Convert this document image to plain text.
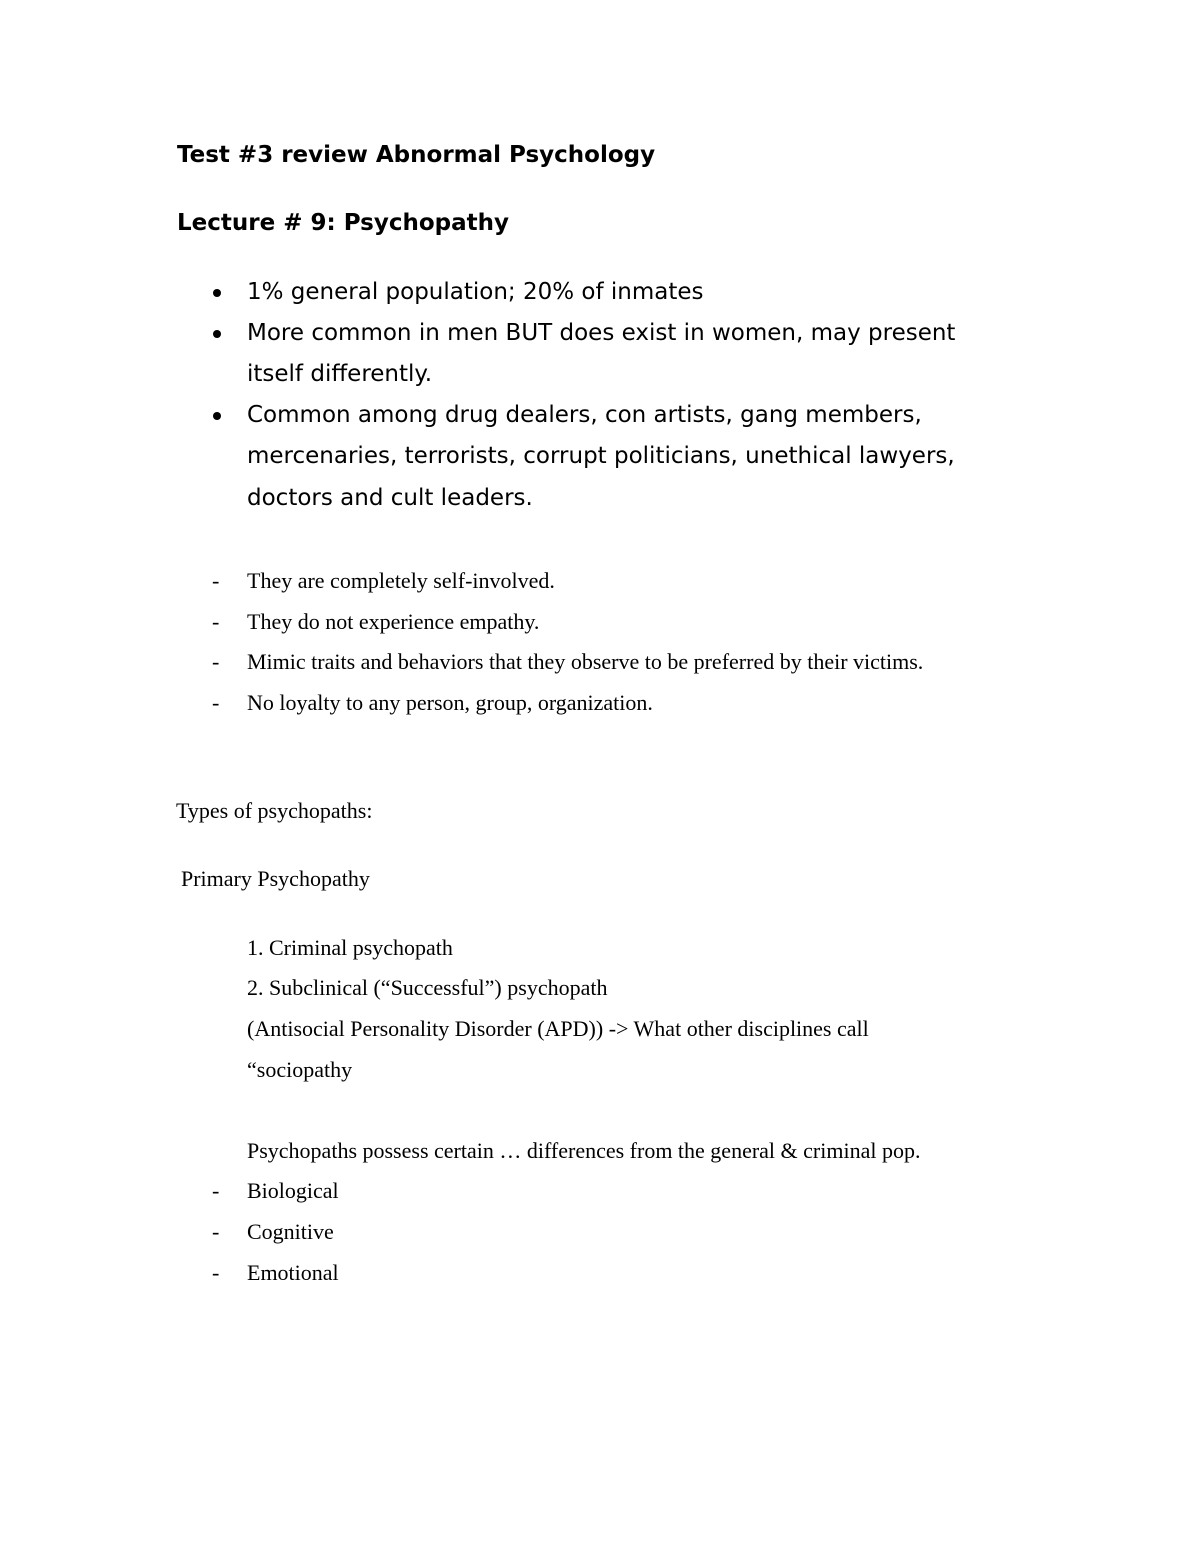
Test #3 review Abnormal Psychology
Lecture # 9: Psychopathy
1% general population; 20% of inmates
More common in men BUT does exist in women, may present
itself differently.
Common among drug dealers, con artists, gang members,
mercenaries, terrorists, corrupt politicians, unethical lawyers,
doctors and cult leaders.
- They are completely self-involved.
- They do not experience empathy.
- Mimic traits and behaviors that they observe to be preferred by their victims.
- No loyalty to any person, group, organization.
Types of psychopaths:
Primary Psychopathy
1. Criminal psychopath
2. Subclinical (“Successful”) psychopath
(Antisocial Personality Disorder (APD)) -> What other disciplines call
“sociopathy
Psychopaths possess certain … differences from the general & criminal pop.
- Biological
- Cognitive
- Emotional
